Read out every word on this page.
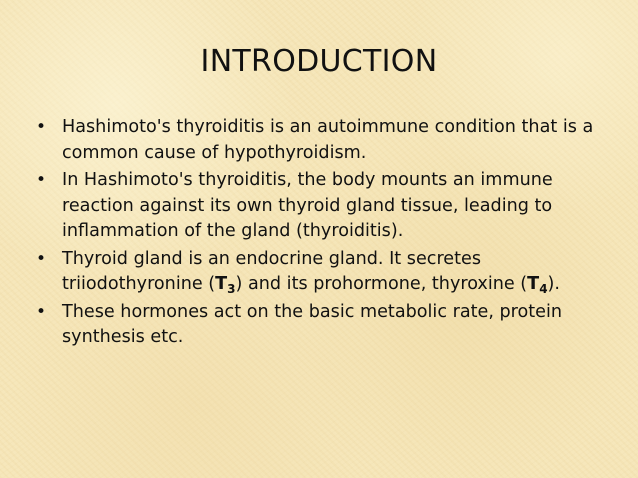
INTRODUCTION
• Hashimoto's thyroiditis is an autoimmune condition that is a common cause of hypothyroidism.
• In Hashimoto's thyroiditis, the body mounts an immune reaction against its own thyroid gland tissue, leading to inflammation of the gland (thyroiditis).
• Thyroid gland is an endocrine gland. It secretes triiodothyronine $(T_3)$ and its prohormone, thyroxine $(T_4)$.
• These hormones act on the basic metabolic rate, protein synthesis etc.
